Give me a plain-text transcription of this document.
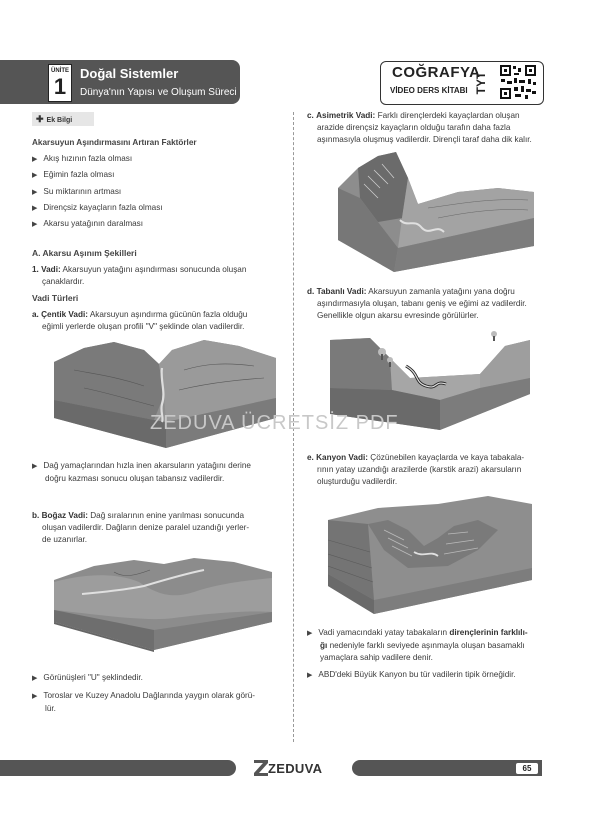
ÜNİTE
1
Doğal Sistemler
Dünya'nın Yapısı ve Oluşum Süreci
COĞRAFYA
VİDEO DERS KİTABI TYT
✚ Ek Bilgi
Akarsuyun Aşındırmasını Artıran Faktörler
▶ Akış hızının fazla olması
▶ Eğimin fazla olması
▶ Su miktarının artması
▶ Dirençsiz kayaçların fazla olması
▶ Akarsu yatağının daralması
A. Akarsu Aşınım Şekilleri
1. Vadi: Akarsuyun yatağını aşındırması sonucunda oluşan
çanaklardır.
Vadi Türleri
a. Çentik Vadi: Akarsuyun aşındırma gücünün fazla olduğu
eğimli yerlerde oluşan profili "V" şeklinde olan vadilerdir.
▶ Dağ yamaçlarından hızla inen akarsuların yatağını derine
doğru kazması sonucu oluşan tabansız vadilerdir.
b. Boğaz Vadi: Dağ sıralarının enine yarılması sonucunda
oluşan vadilerdir. Dağların denize paralel uzandığı yerler-
de uzanırlar.
▶ Görünüşleri "U" şeklindedir.
▶ Toroslar ve Kuzey Anadolu Dağlarında yaygın olarak görü-
lür.
c. Asimetrik Vadi: Farklı dirençlerdeki kayaçlardan oluşan
arazide dirençsiz kayaçların olduğu tarafın daha fazla
aşınmasıyla oluşmuş vadilerdir. Dirençli taraf daha dik kalır.
d. Tabanlı Vadi: Akarsuyun zamanla yatağını yana doğru
aşındırmasıyla oluşan, tabanı geniş ve eğimi az vadilerdir.
Genellikle olgun akarsu evresinde görülürler.
e. Kanyon Vadi: Çözünebilen kayaçlarda ve kaya tabakala-
rının yatay uzandığı arazilerde (karstik arazi) akarsuların
oluşturduğu vadilerdir.
▶ Vadi yamacındaki yatay tabakaların dirençlerinin farklılı-
ğı nedeniyle farklı seviyede aşınmayla oluşan basamaklı
yamaçlara sahip vadilere denir.
▶ ABD'deki Büyük Kanyon bu tür vadilerin tipik örneğidir.
ZEDUVA ÜCRETSİZ PDF
ZEDUVA	65
